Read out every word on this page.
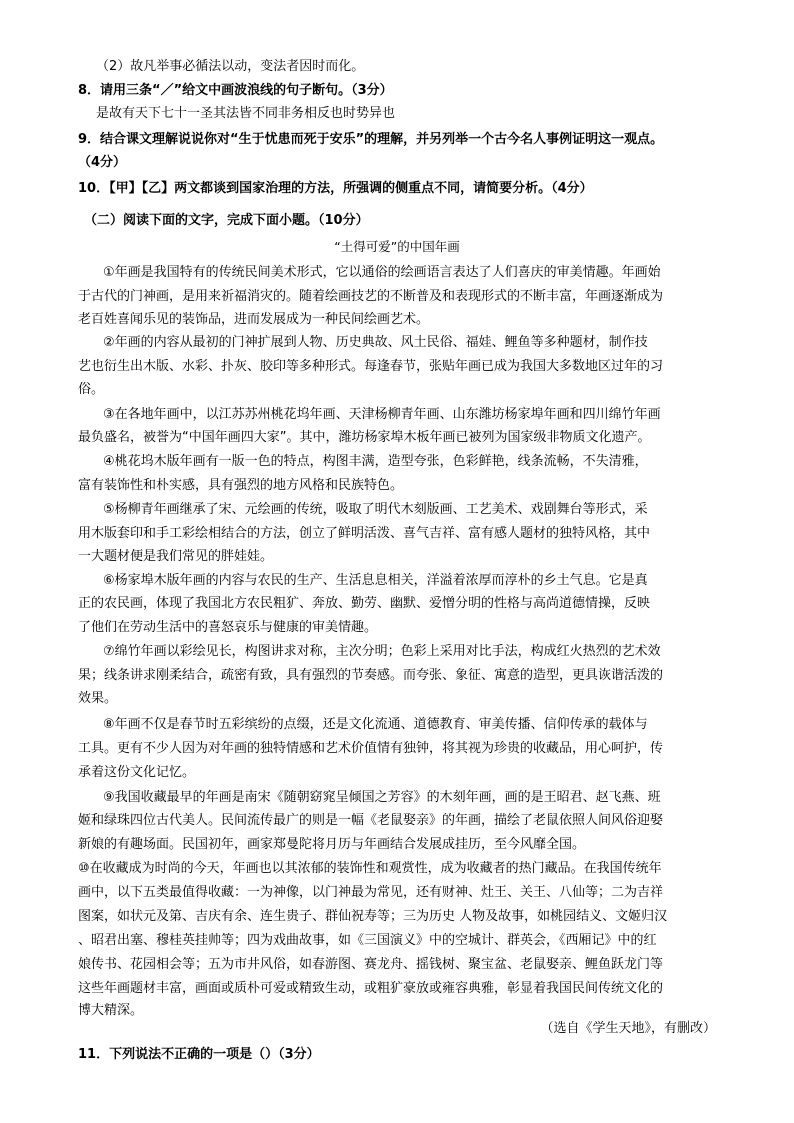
（2）故凡举事必循法以动，变法者因时而化。
8．请用三条“／”给文中画波浪线的句子断句。（3分）
是故有天下七十一圣其法皆不同非务相反也时势异也
9．结合课文理解说说你对“生于忧患而死于安乐”的理解，并另列举一个古今名人事例证明这一观点。
（4分）
10．【甲】【乙】两文都谈到国家治理的方法，所强调的侧重点不同，请简要分析。（4分）
（二）阅读下面的文字，完成下面小题。（10分）
“土得可爱”的中国年画
①年画是我国特有的传统民间美术形式，它以通俗的绘画语言表达了人们喜庆的审美情趣。年画始
于古代的门神画，是用来祈福消灾的。随着绘画技艺的不断普及和表现形式的不断丰富，年画逐渐成为
老百姓喜闻乐见的装饰品，进而发展成为一种民间绘画艺术。
②年画的内容从最初的门神扩展到人物、历史典故、风土民俗、福娃、鲤鱼等多种题材，制作技
艺也衍生出木版、水彩、扑灰、胶印等多种形式。每逢春节，张贴年画已成为我国大多数地区过年的习
俗。
③在各地年画中，以江苏苏州桃花坞年画、天津杨柳青年画、山东潍坊杨家埠年画和四川绵竹年画
最负盛名，被誉为“中国年画四大家”。其中，潍坊杨家埠木板年画已被列为国家级非物质文化遗产。
④桃花坞木版年画有一版一色的特点，构图丰满，造型夸张，色彩鲜艳，线条流畅，不失清雅，
富有装饰性和朴实感，具有强烈的地方风格和民族特色。
⑤杨柳青年画继承了宋、元绘画的传统，吸取了明代木刻版画、工艺美术、戏剧舞台等形式，采
用木版套印和手工彩绘相结合的方法，创立了鲜明活泼、喜气吉祥、富有感人题材的独特风格，其中
一大题材便是我们常见的胖娃娃。
⑥杨家埠木版年画的内容与农民的生产、生活息息相关，洋溢着浓厚而淳朴的乡土气息。它是真
正的农民画，体现了我国北方农民粗犷、奔放、勤劳、幽默、爱憎分明的性格与高尚道德情操，反映
了他们在劳动生活中的喜怒哀乐与健康的审美情趣。
⑦绵竹年画以彩绘见长，构图讲求对称，主次分明；色彩上采用对比手法，构成红火热烈的艺术效
果；线条讲求刚柔结合，疏密有致，具有强烈的节奏感。而夸张、象征、寓意的造型，更具诙谐活泼的
效果。
⑧年画不仅是春节时五彩缤纷的点缀，还是文化流通、道德教育、审美传播、信仰传承的载体与
工具。更有不少人因为对年画的独特情感和艺术价值情有独钟，将其视为珍贵的收藏品，用心呵护，传
承着这份文化记忆。
⑨我国收藏最早的年画是南宋《随朝窈窕呈倾国之芳容》的木刻年画，画的是王昭君、赵飞燕、班
姬和绿珠四位古代美人。民间流传最广的则是一幅《老鼠娶亲》的年画，描绘了老鼠依照人间风俗迎娶
新娘的有趣场面。民国初年，画家郑曼陀将月历与年画结合发展成挂历，至今风靡全国。
⑩在收藏成为时尚的今天，年画也以其浓郁的装饰性和观赏性，成为收藏者的热门藏品。在我国传统年
画中，以下五类最值得收藏：一为神像，以门神最为常见，还有财神、灶王、关王、八仙等；二为吉祥
图案，如状元及第、吉庆有余、连生贵子、群仙祝寿等；三为历史 人物及故事，如桃园结义、文姬归汉
、昭君出塞、穆桂英挂帅等；四为戏曲故事，如《三国演义》中的空城计、群英会，《西厢记》中的红
娘传书、花园相会等；五为市井风俗，如春游图、赛龙舟、摇钱树、聚宝盆、老鼠娶亲、鲤鱼跃龙门等
这些年画题材丰富，画面或质朴可爱或精致生动，或粗犷豪放或雍容典雅，彰显着我国民间传统文化的
博大精深。
（选自《学生天地》，有删改）
11．下列说法不正确的一项是（）（3分）
